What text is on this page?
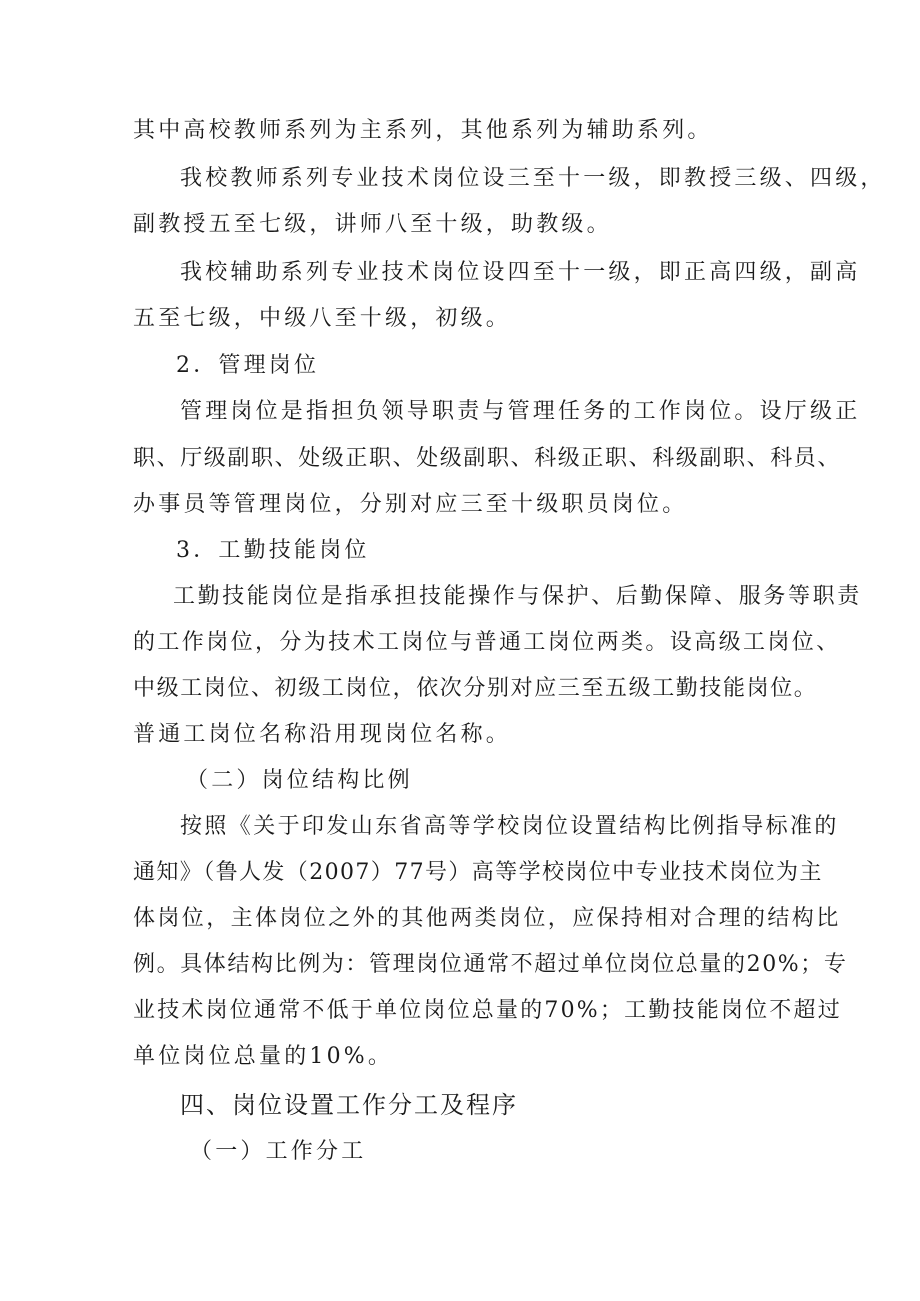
其中高校教师系列为主系列，其他系列为辅助系列。
我校教师系列专业技术岗位设三至十一级，即教授三级、四级，
副教授五至七级，讲师八至十级，助教级。
我校辅助系列专业技术岗位设四至十一级，即正高四级，副高
五至七级，中级八至十级，初级。
2．管理岗位
管理岗位是指担负领导职责与管理任务的工作岗位。设厅级正
职、厅级副职、处级正职、处级副职、科级正职、科级副职、科员、
办事员等管理岗位，分别对应三至十级职员岗位。
3．工勤技能岗位
工勤技能岗位是指承担技能操作与保护、后勤保障、服务等职责
的工作岗位，分为技术工岗位与普通工岗位两类。设高级工岗位、
中级工岗位、初级工岗位，依次分别对应三至五级工勤技能岗位。
普通工岗位名称沿用现岗位名称。
（二）岗位结构比例
按照《关于印发山东省高等学校岗位设置结构比例指导标准的
通知》（鲁人发（2007）77号）高等学校岗位中专业技术岗位为主
体岗位，主体岗位之外的其他两类岗位，应保持相对合理的结构比
例。具体结构比例为：管理岗位通常不超过单位岗位总量的20%；专
业技术岗位通常不低于单位岗位总量的70%；工勤技能岗位不超过
单位岗位总量的10%。
四、岗位设置工作分工及程序
（一）工作分工
